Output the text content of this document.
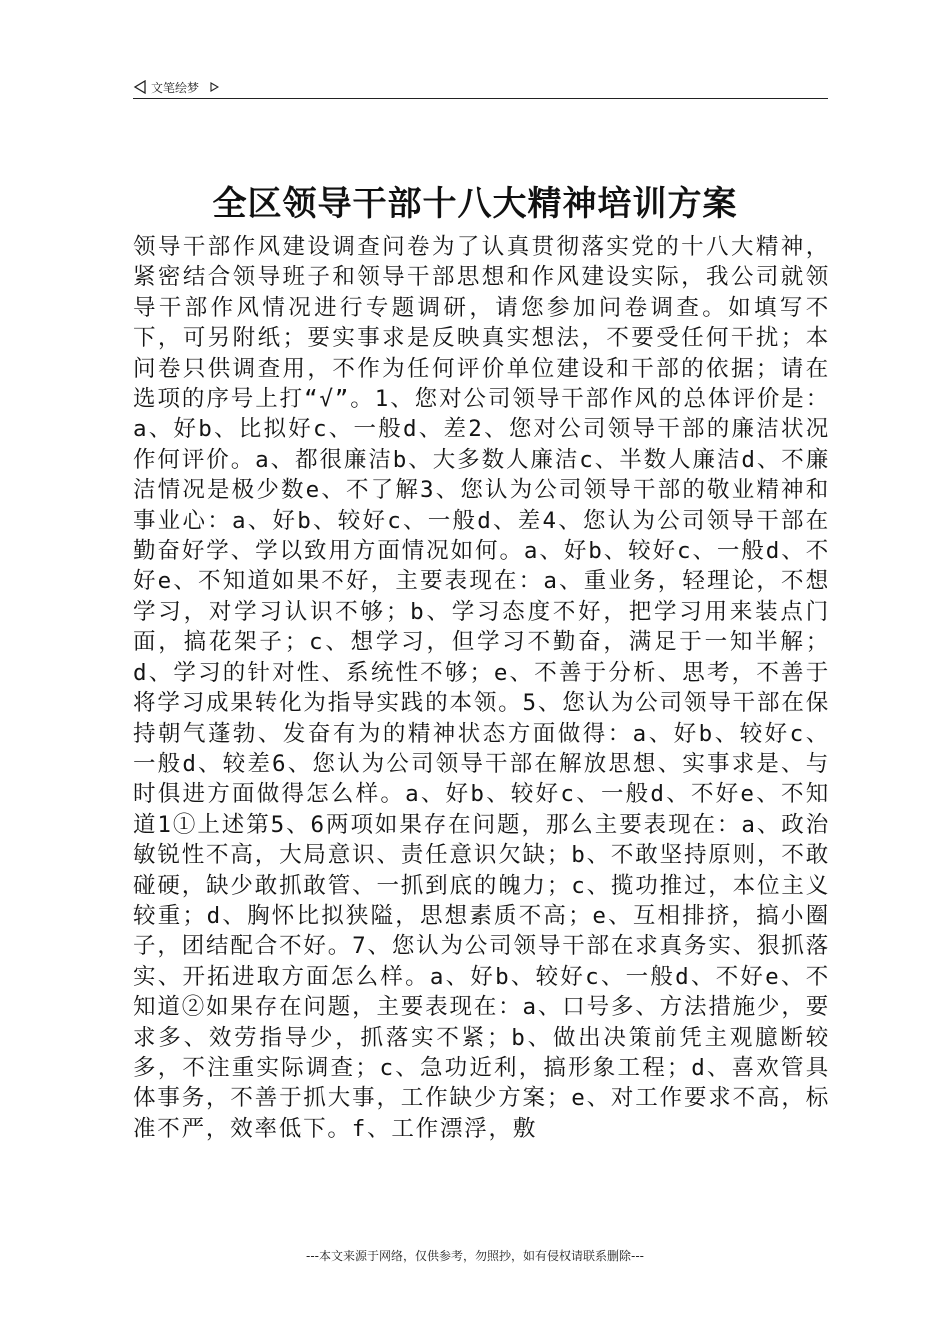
文笔绘梦
全区领导干部十八大精神培训方案

领导干部作风建设调查问卷为了认真贯彻落实党的十八大精神，紧密结合领导班子和领导干部思想和作风建设实际，我公司就领导干部作风情况进行专题调研，请您参加问卷调查。如填写不下，可另附纸；要实事求是反映真实想法，不要受任何干扰；本问卷只供调查用，不作为任何评价单位建设和干部的依据；请在选项的序号上打“√”。1、您对公司领导干部作风的总体评价是：a、好b、比拟好c、一般d、差2、您对公司领导干部的廉洁状况作何评价。a、都很廉洁b、大多数人廉洁c、半数人廉洁d、不廉洁情况是极少数e、不了解3、您认为公司领导干部的敬业精神和事业心：a、好b、较好c、一般d、差4、您认为公司领导干部在勤奋好学、学以致用方面情况如何。a、好b、较好c、一般d、不好e、不知道如果不好，主要表现在：a、重业务，轻理论，不想学习，对学习认识不够；b、学习态度不好，把学习用来装点门面，搞花架子；c、想学习，但学习不勤奋，满足于一知半解；d、学习的针对性、系统性不够；e、不善于分析、思考，不善于将学习成果转化为指导实践的本领。5、您认为公司领导干部在保持朝气蓬勃、发奋有为的精神状态方面做得：a、好b、较好c、一般d、较差6、您认为公司领导干部在解放思想、实事求是、与时俱进方面做得怎么样。a、好b、较好c、一般d、不好e、不知道1①上述第5、6两项如果存在问题，那么主要表现在：a、政治敏锐性不高，大局意识、责任意识欠缺；b、不敢坚持原则，不敢碰硬，缺少敢抓敢管、一抓到底的魄力；c、揽功推过，本位主义较重；d、胸怀比拟狭隘，思想素质不高；e、互相排挤，搞小圈子，团结配合不好。7、您认为公司领导干部在求真务实、狠抓落实、开拓进取方面怎么样。a、好b、较好c、一般d、不好e、不知道②如果存在问题，主要表现在：a、口号多、方法措施少，要求多、效劳指导少，抓落实不紧；b、做出决策前凭主观臆断较多，不注重实际调查；c、急功近利，搞形象工程；d、喜欢管具体事务，不善于抓大事，工作缺少方案；e、对工作要求不高，标准不严，效率低下。f、工作漂浮，敷

---本文来源于网络，仅供参考，勿照抄，如有侵权请联系删除---
